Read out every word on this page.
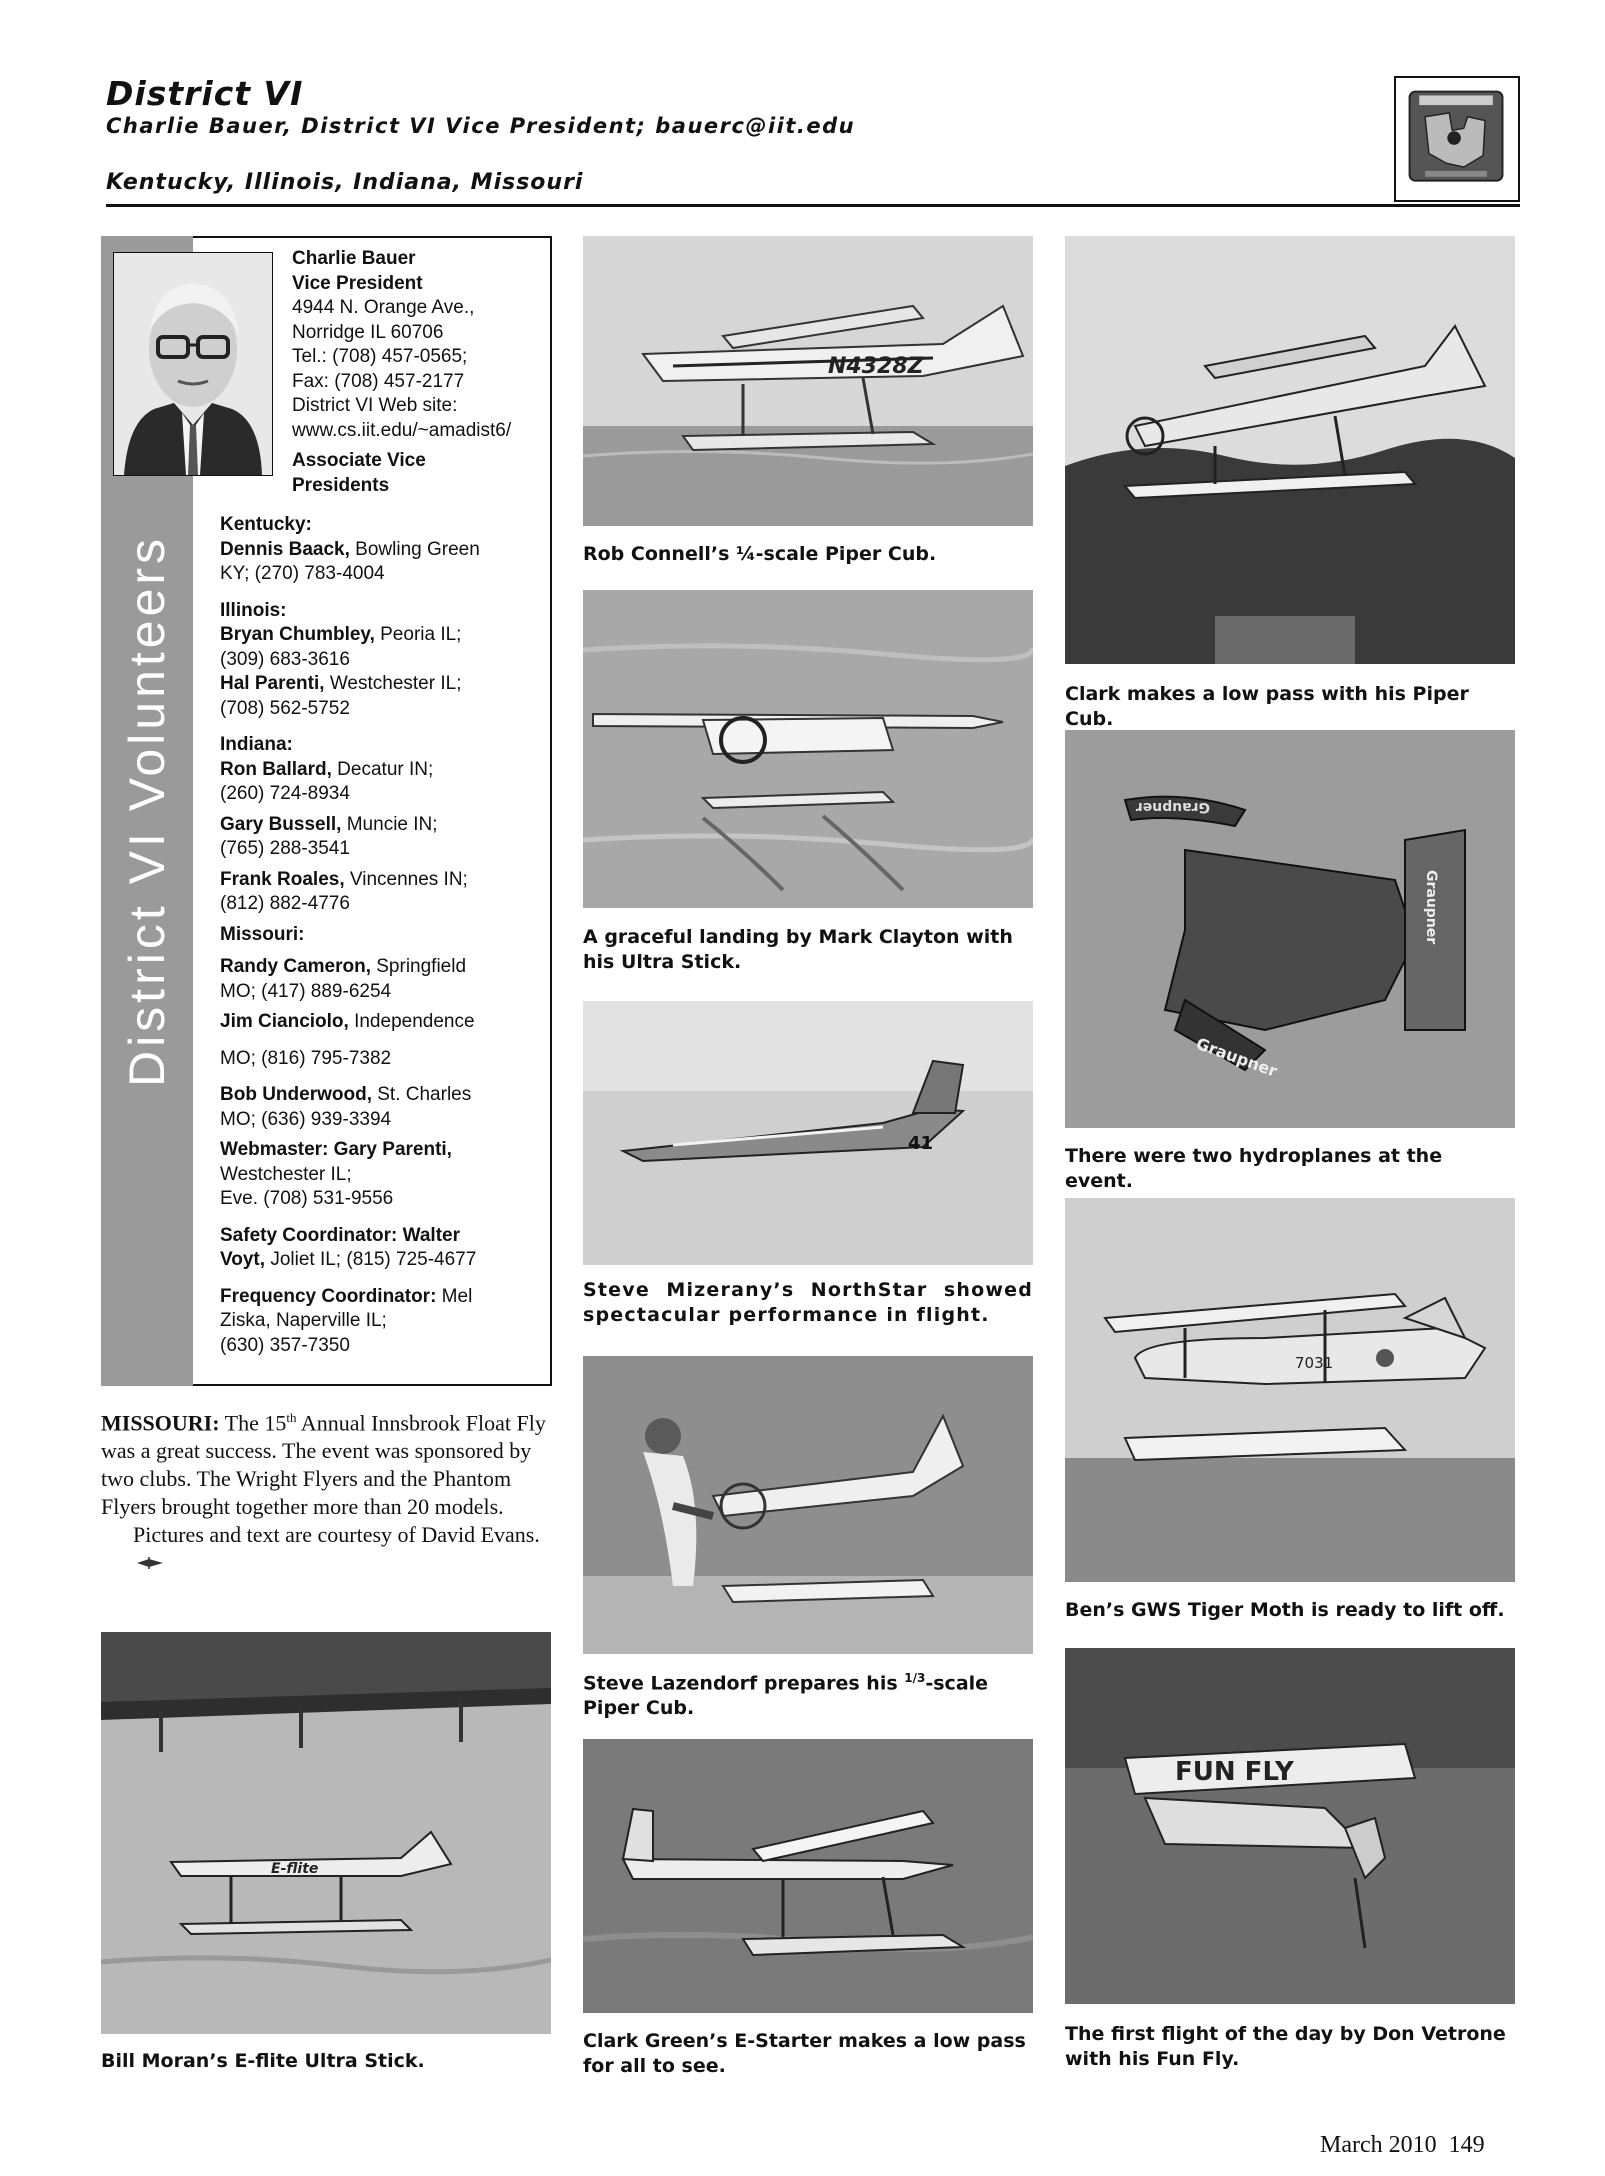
District VI
Charlie Bauer, District VI Vice President; bauerc@iit.edu
Kentucky, Illinois, Indiana, Missouri
District VI Volunteers
Charlie Bauer
Vice President
4944 N. Orange Ave.,
Norridge IL 60706
Tel.: (708) 457-0565;
Fax: (708) 457-2177
District VI Web site:
www.cs.iit.edu/~amadist6/
Associate Vice
Presidents
Kentucky:
Dennis Baack, Bowling Green
KY; (270) 783-4004
Illinois:
Bryan Chumbley, Peoria IL;
(309) 683-3616
Hal Parenti, Westchester IL;
(708) 562-5752
Indiana:
Ron Ballard, Decatur IN;
(260) 724-8934
Gary Bussell, Muncie IN;
(765) 288-3541
Frank Roales, Vincennes IN;
(812) 882-4776
Missouri:
Randy Cameron, Springfield
MO; (417) 889-6254
Jim Cianciolo, Independence
MO; (816) 795-7382
Bob Underwood, St. Charles
MO; (636) 939-3394
Webmaster: Gary Parenti,
Westchester IL;
Eve. (708) 531-9556
Safety Coordinator: Walter
Voyt, Joliet IL; (815) 725-4677
Frequency Coordinator: Mel
Ziska, Naperville IL;
(630) 357-7350

MISSOURI: The 15th Annual Innsbrook Float Fly was a great success. The event was sponsored by two clubs. The Wright Flyers and the Phantom Flyers brought together more than 20 models.

Pictures and text are courtesy of David Evans.

N4328Z
Rob Connell’s ¼-scale Piper Cub.
A graceful landing by Mark Clayton with his Ultra Stick.
41
Steve Mizerany’s NorthStar showed spectacular performance in flight.
Steve Lazendorf prepares his $^{1/3}$-scale Piper Cub.
Clark Green’s E-Starter makes a low pass for all to see.
Clark makes a low pass with his Piper Cub.
Graupner
Graupner
Graupner
There were two hydroplanes at the event.
7031
Ben’s GWS Tiger Moth is ready to lift off.
FUN FLY
The first flight of the day by Don Vetrone with his Fun Fly.
E-flite
Bill Moran’s E-flite Ultra Stick.
March 2010 149
